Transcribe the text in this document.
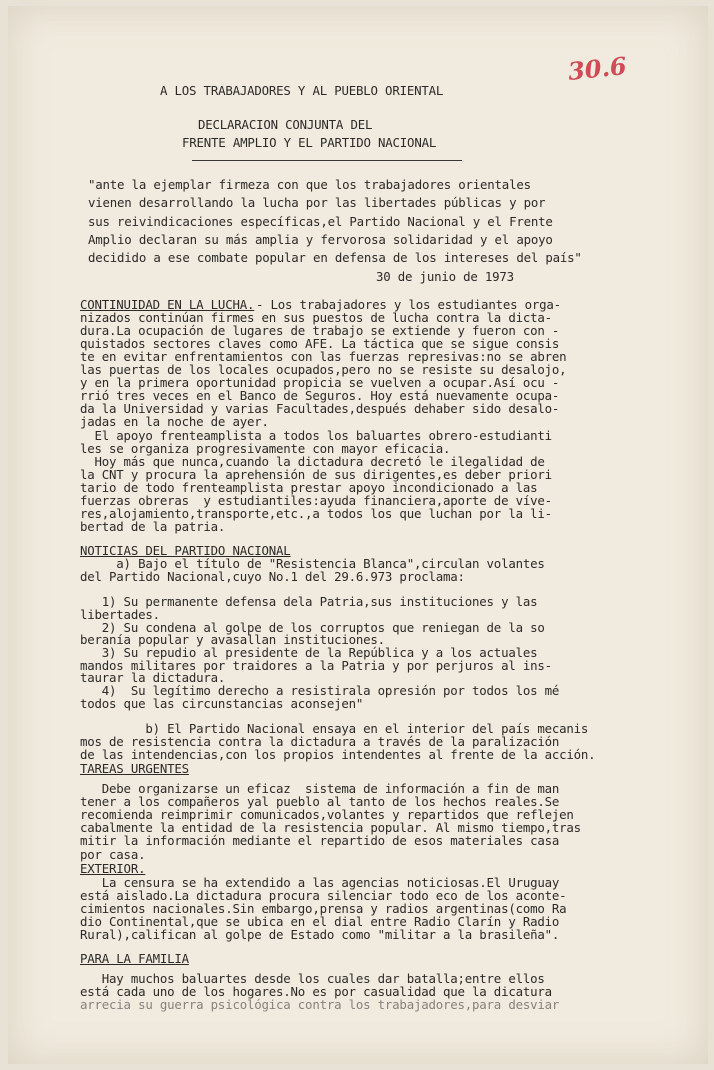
30.6
A LOS TRABAJADORES Y AL PUEBLO ORIENTAL
DECLARACION CONJUNTA DEL
FRENTE AMPLIO Y EL PARTIDO NACIONAL
"ante la ejemplar firmeza con que los trabajadores orientales
vienen desarrollando la lucha por las libertades públicas y por
sus reivindicaciones específicas,el Partido Nacional y el Frente
Amplio declaran su más amplia y fervorosa solidaridad y el apoyo
decidido a ese combate popular en defensa de los intereses del país"
30 de junio de 1973
CONTINUIDAD EN LA LUCHA. - Los trabajadores y los estudiantes orga-
nizados continúan firmes en sus puestos de lucha contra la dicta-
dura.La ocupación de lugares de trabajo se extiende y fueron con -
quistados sectores claves como AFE. La táctica que se sigue consis
te en evitar enfrentamientos con las fuerzas represivas:no se abren
las puertas de los locales ocupados,pero no se resiste su desalojo,
y en la primera oportunidad propicia se vuelven a ocupar.Así ocu -
rrió tres veces en el Banco de Seguros. Hoy está nuevamente ocupa-
da la Universidad y varias Facultades,después dehaber sido desalo-
jadas en la noche de ayer.
El apoyo frenteamplista a todos los baluartes obrero-estudianti
les se organiza progresivamente con mayor eficacia.
Hoy más que nunca,cuando la dictadura decretó le ilegalidad de
la CNT y procura la aprehensión de sus dirigentes,es deber priori
tario de todo frenteamplista prestar apoyo incondicionado a las
fuerzas obreras  y estudiantiles:ayuda financiera,aporte de víve-
res,alojamiento,transporte,etc.,a todos los que luchan por la li-
bertad de la patria.
NOTICIAS DEL PARTIDO NACIONAL
a) Bajo el título de "Resistencia Blanca",circulan volantes
del Partido Nacional,cuyo No.1 del 29.6.973 proclama:
1) Su permanente defensa dela Patria,sus instituciones y las
libertades.
2) Su condena al golpe de los corruptos que reniegan de la so
beranía popular y avasallan instituciones.
3) Su repudio al presidente de la República y a los actuales
mandos militares por traidores a la Patria y por perjuros al ins-
taurar la dictadura.
4)  Su legítimo derecho a resistirala opresión por todos los mé
todos que las circunstancias aconsejen"
b) El Partido Nacional ensaya en el interior del país mecanis
mos de resistencia contra la dictadura a través de la paralización
de las intendencias,con los propios intendentes al frente de la acción.
TAREAS URGENTES
Debe organizarse un eficaz  sistema de información a fin de man
tener a los compañeros yal pueblo al tanto de los hechos reales.Se
recomienda reimprimir comunicados,volantes y repartidos que reflejen
cabalmente la entidad de la resistencia popular. Al mismo tiempo,tras
mitir la información mediante el repartido de esos materiales casa
por casa.
EXTERIOR.
La censura se ha extendido a las agencias noticiosas.El Uruguay
está aislado.La dictadura procura silenciar todo eco de los aconte-
cimientos nacionales.Sin embargo,prensa y radios argentinas(como Ra
dio Continental,que se ubica en el dial entre Radio Clarín y Radio
Rural),califican al golpe de Estado como "militar a la brasileña".
PARA LA FAMILIA
Hay muchos baluartes desde los cuales dar batalla;entre ellos
está cada uno de los hogares.No es por casualidad que la dicatura
arrecia su guerra psicológica contra los trabajadores,para desviar
